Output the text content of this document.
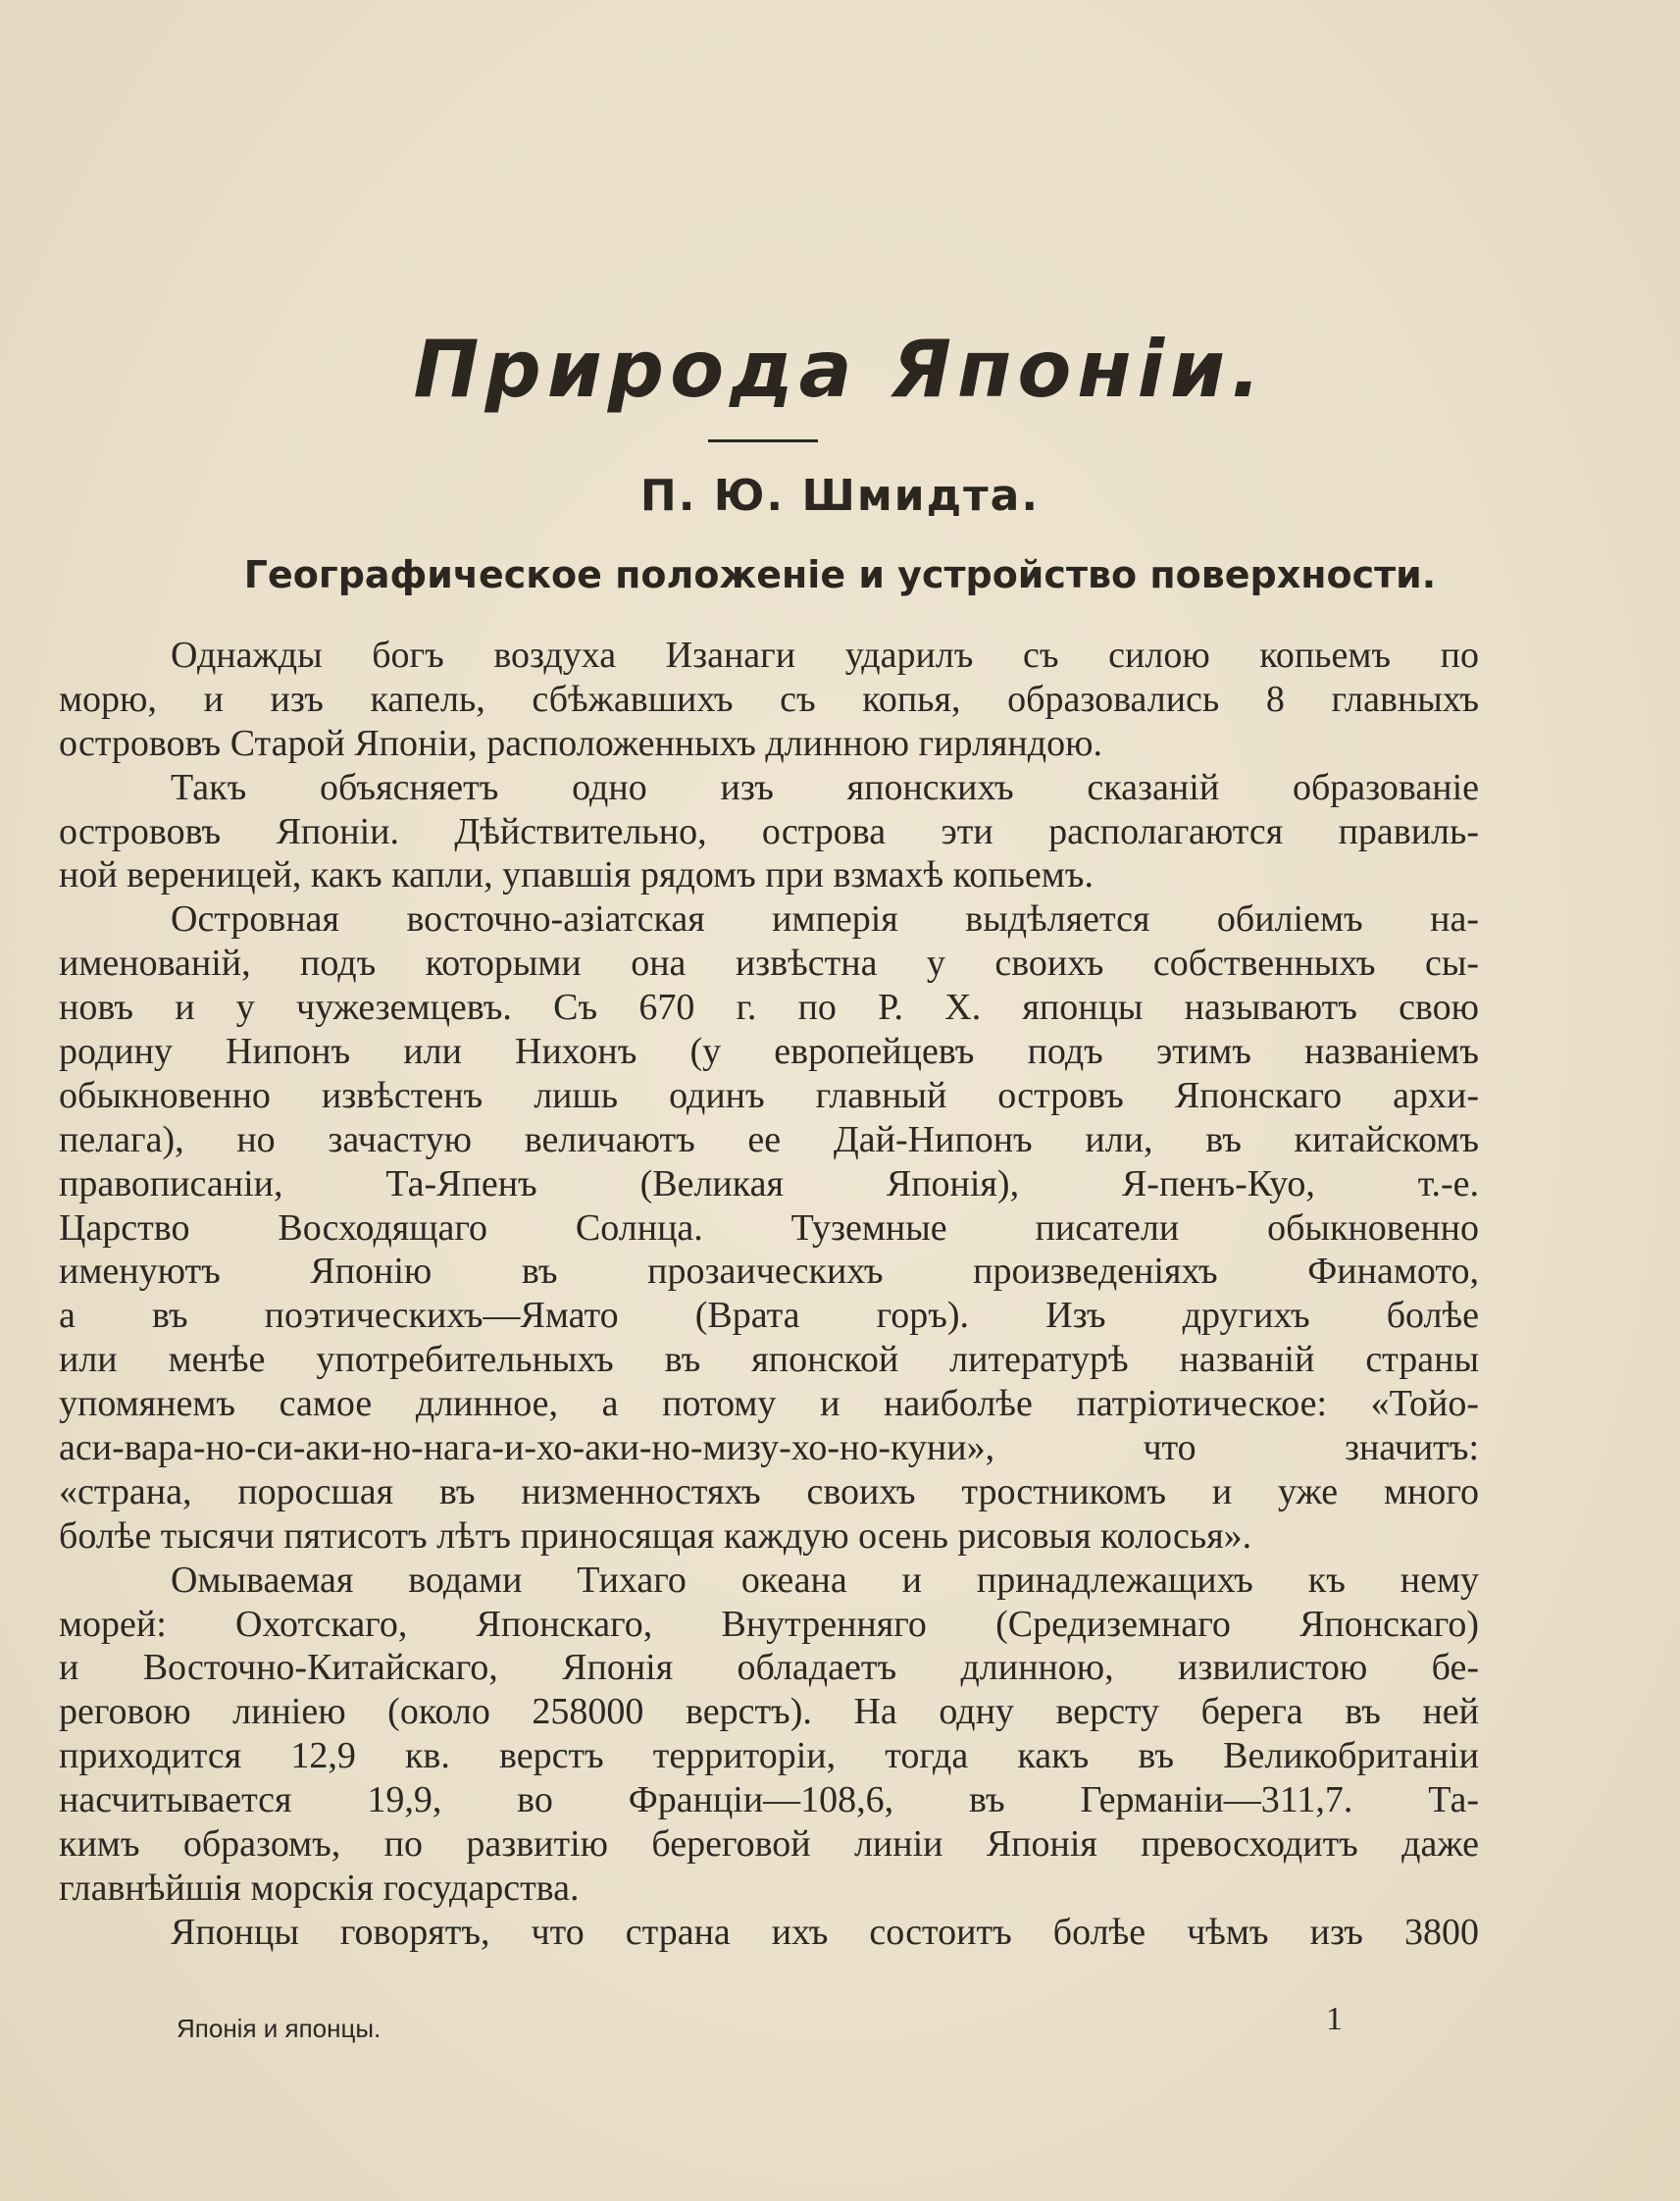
Природа Японіи.
П. Ю. Шмидта.
Географическое положеніе и устройство поверхности.
Однажды богъ воздуха Изанаги ударилъ съ силою копьемъ по
морю, и изъ капель, сбѣжавшихъ съ копья, образовались 8 главныхъ
острововъ Старой Японіи, расположенныхъ длинною гирляндою.
Такъ объясняетъ одно изъ японскихъ сказаній образованіе
острововъ Японіи. Дѣйствительно, острова эти располагаются правиль-
ной вереницей, какъ капли, упавшія рядомъ при взмахѣ копьемъ.
Островная восточно-азіатская имперія выдѣляется обиліемъ на-
именованій, подъ которыми она извѣстна у своихъ собственныхъ сы-
новъ и у чужеземцевъ. Съ 670 г. по Р. Х. японцы называютъ свою
родину Нипонъ или Нихонъ (у европейцевъ подъ этимъ названіемъ
обыкновенно извѣстенъ лишь одинъ главный островъ Японскаго архи-
пелага), но зачастую величаютъ ее Дай-Нипонъ или, въ китайскомъ
правописаніи, Та-Япенъ (Великая Японія), Я-пенъ-Куо, т.-е.
Царство Восходящаго Солнца. Туземные писатели обыкновенно
именуютъ Японію въ прозаическихъ произведеніяхъ Финамото,
а въ поэтическихъ—Ямато (Врата горъ). Изъ другихъ болѣе
или менѣе употребительныхъ въ японской литературѣ названій страны
упомянемъ самое длинное, а потому и наиболѣе патріотическое: «Тойо-
аси-вара-но-си-аки-но-нага-и-хо-аки-но-мизу-хо-но-куни», что значитъ:
«страна, поросшая въ низменностяхъ своихъ тростникомъ и уже много
болѣе тысячи пятисотъ лѣтъ приносящая каждую осень рисовыя колосья».
Омываемая водами Тихаго океана и принадлежащихъ къ нему
морей: Охотскаго, Японскаго, Внутренняго (Средиземнаго Японскаго)
и Восточно-Китайскаго, Японія обладаетъ длинною, извилистою бе-
реговою линіею (около 258000 верстъ). На одну версту берега въ ней
приходится 12,9 кв. верстъ территоріи, тогда какъ въ Великобританіи
насчитывается 19,9, во Франціи—108,6, въ Германіи—311,7. Та-
кимъ образомъ, по развитію береговой линіи Японія превосходитъ даже
главнѣйшія морскія государства.
Японцы говорятъ, что страна ихъ состоитъ болѣе чѣмъ изъ 3800
Японія и японцы.	1
